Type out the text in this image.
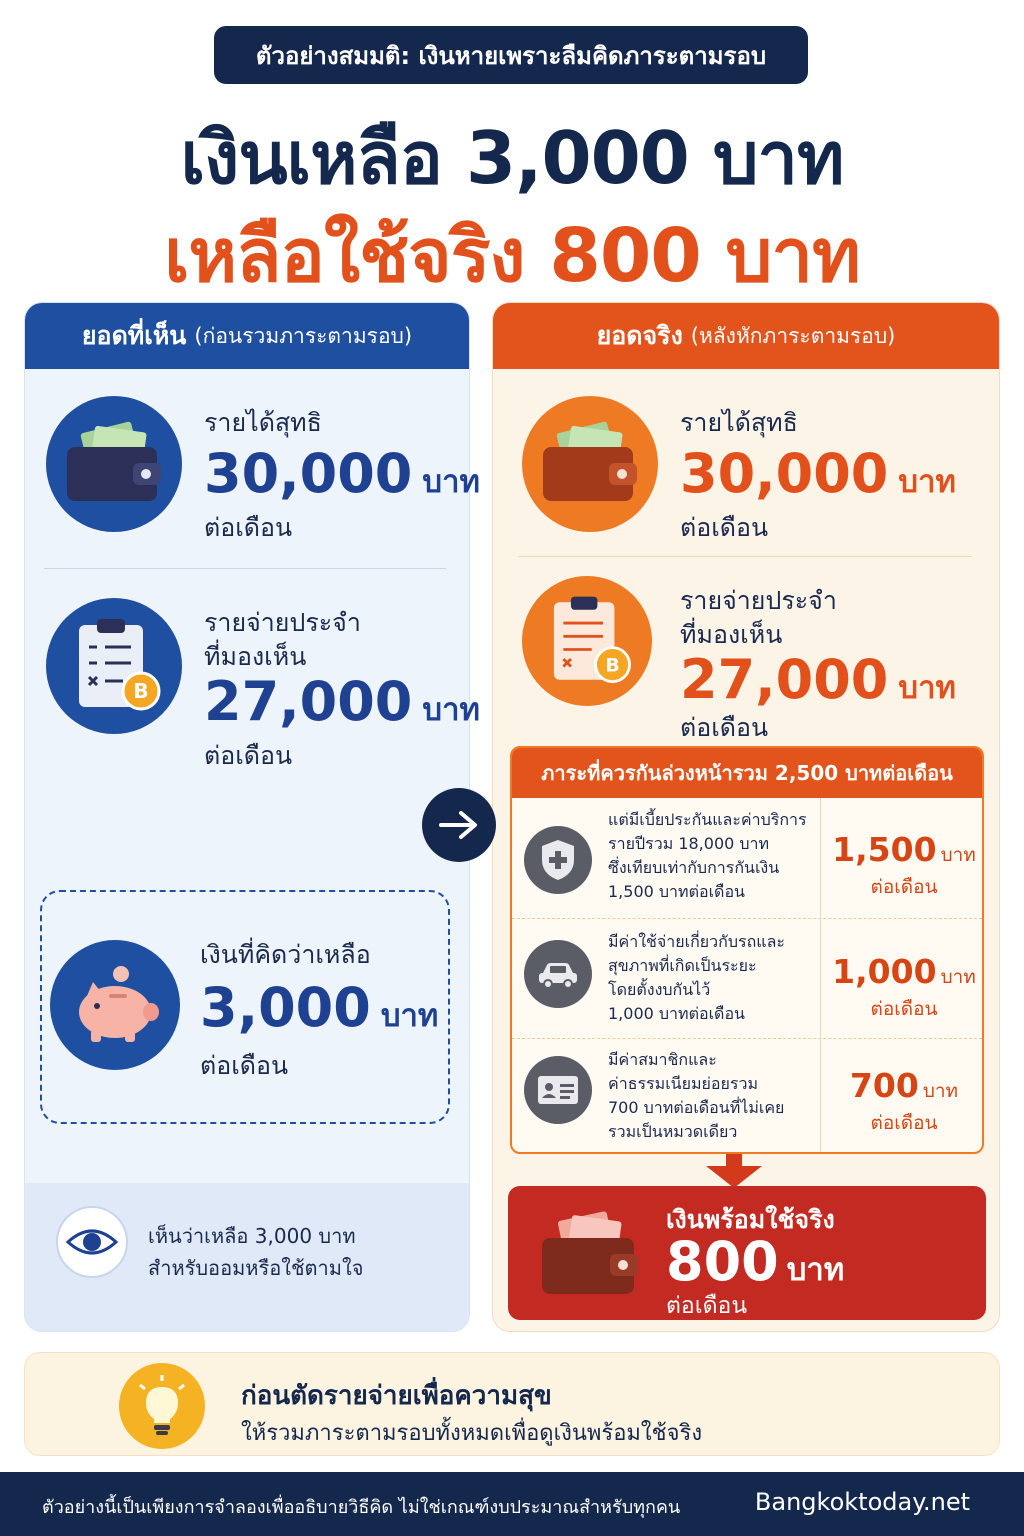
ตัวอย่างสมมติ: เงินหายเพราะลืมคิดภาระตามรอบ
เงินเหลือ 3,000 บาท
เหลือใช้จริง 800 บาท
ยอดที่เห็น (ก่อนรวมภาระตามรอบ)
รายได้สุทธิ
30,000 บาท
ต่อเดือน
B
รายจ่ายประจำ
ที่มองเห็น
27,000 บาท
ต่อเดือน
เงินที่คิดว่าเหลือ
3,000 บาท
ต่อเดือน
เห็นว่าเหลือ 3,000 บาท
สำหรับออมหรือใช้ตามใจ
ยอดจริง (หลังหักภาระตามรอบ)
รายได้สุทธิ
30,000 บาท
ต่อเดือน
B
รายจ่ายประจำ
ที่มองเห็น
27,000 บาท
ต่อเดือน
ภาระที่ควรกันล่วงหน้ารวม 2,500 บาทต่อเดือน
แต่มีเบี้ยประกันและค่าบริการ
รายปีรวม 18,000 บาท
ซึ่งเทียบเท่ากับการกันเงิน
1,500 บาทต่อเดือน
1,500 บาท
ต่อเดือน
มีค่าใช้จ่ายเกี่ยวกับรถและ
สุขภาพที่เกิดเป็นระยะ
โดยตั้งงบกันไว้
1,000 บาทต่อเดือน
1,000 บาท
ต่อเดือน
มีค่าสมาชิกและ
ค่าธรรมเนียมย่อยรวม
700 บาทต่อเดือนที่ไม่เคย
รวมเป็นหมวดเดียว
700 บาท
ต่อเดือน
เงินพร้อมใช้จริง
800 บาท
ต่อเดือน
ก่อนตัดรายจ่ายเพื่อความสุข
ให้รวมภาระตามรอบทั้งหมดเพื่อดูเงินพร้อมใช้จริง
ตัวอย่างนี้เป็นเพียงการจำลองเพื่ออธิบายวิธีคิด ไม่ใช่เกณฑ์งบประมาณสำหรับทุกคน	Bangkoktoday.net
